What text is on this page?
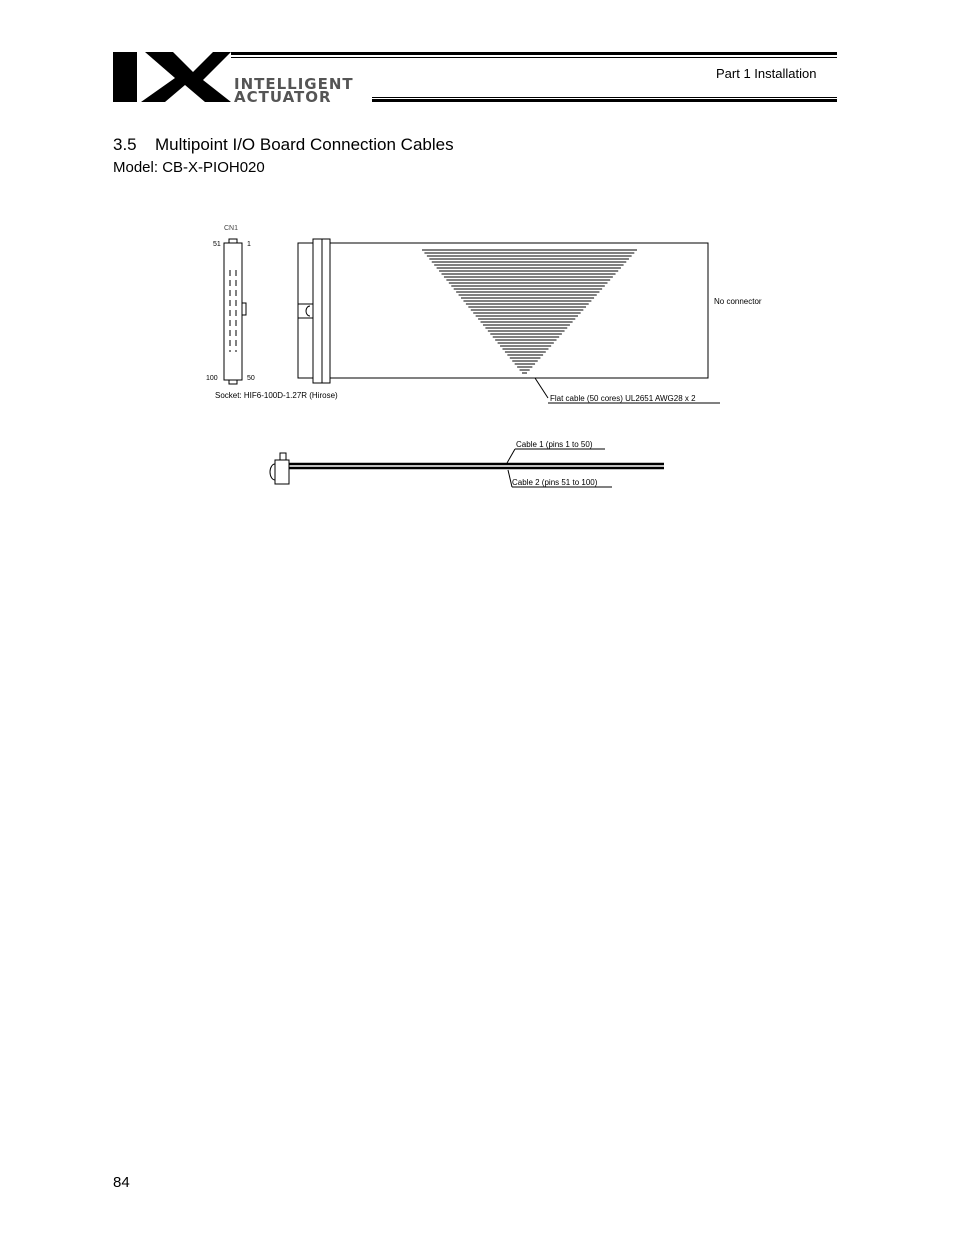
INTELLIGENT
ACTUATOR
Part 1 Installation
3.5 Multipoint I/O Board Connection Cables
Model: CB-X-PIOH020
CN1
51	1
100	50
Socket: HIF6-100D-1.27R (Hirose)	Flat cable (50 cores) UL2651 AWG28 x 2
No connector
Cable 1 (pins 1 to 50)
Cable 2 (pins 51 to 100)
84
